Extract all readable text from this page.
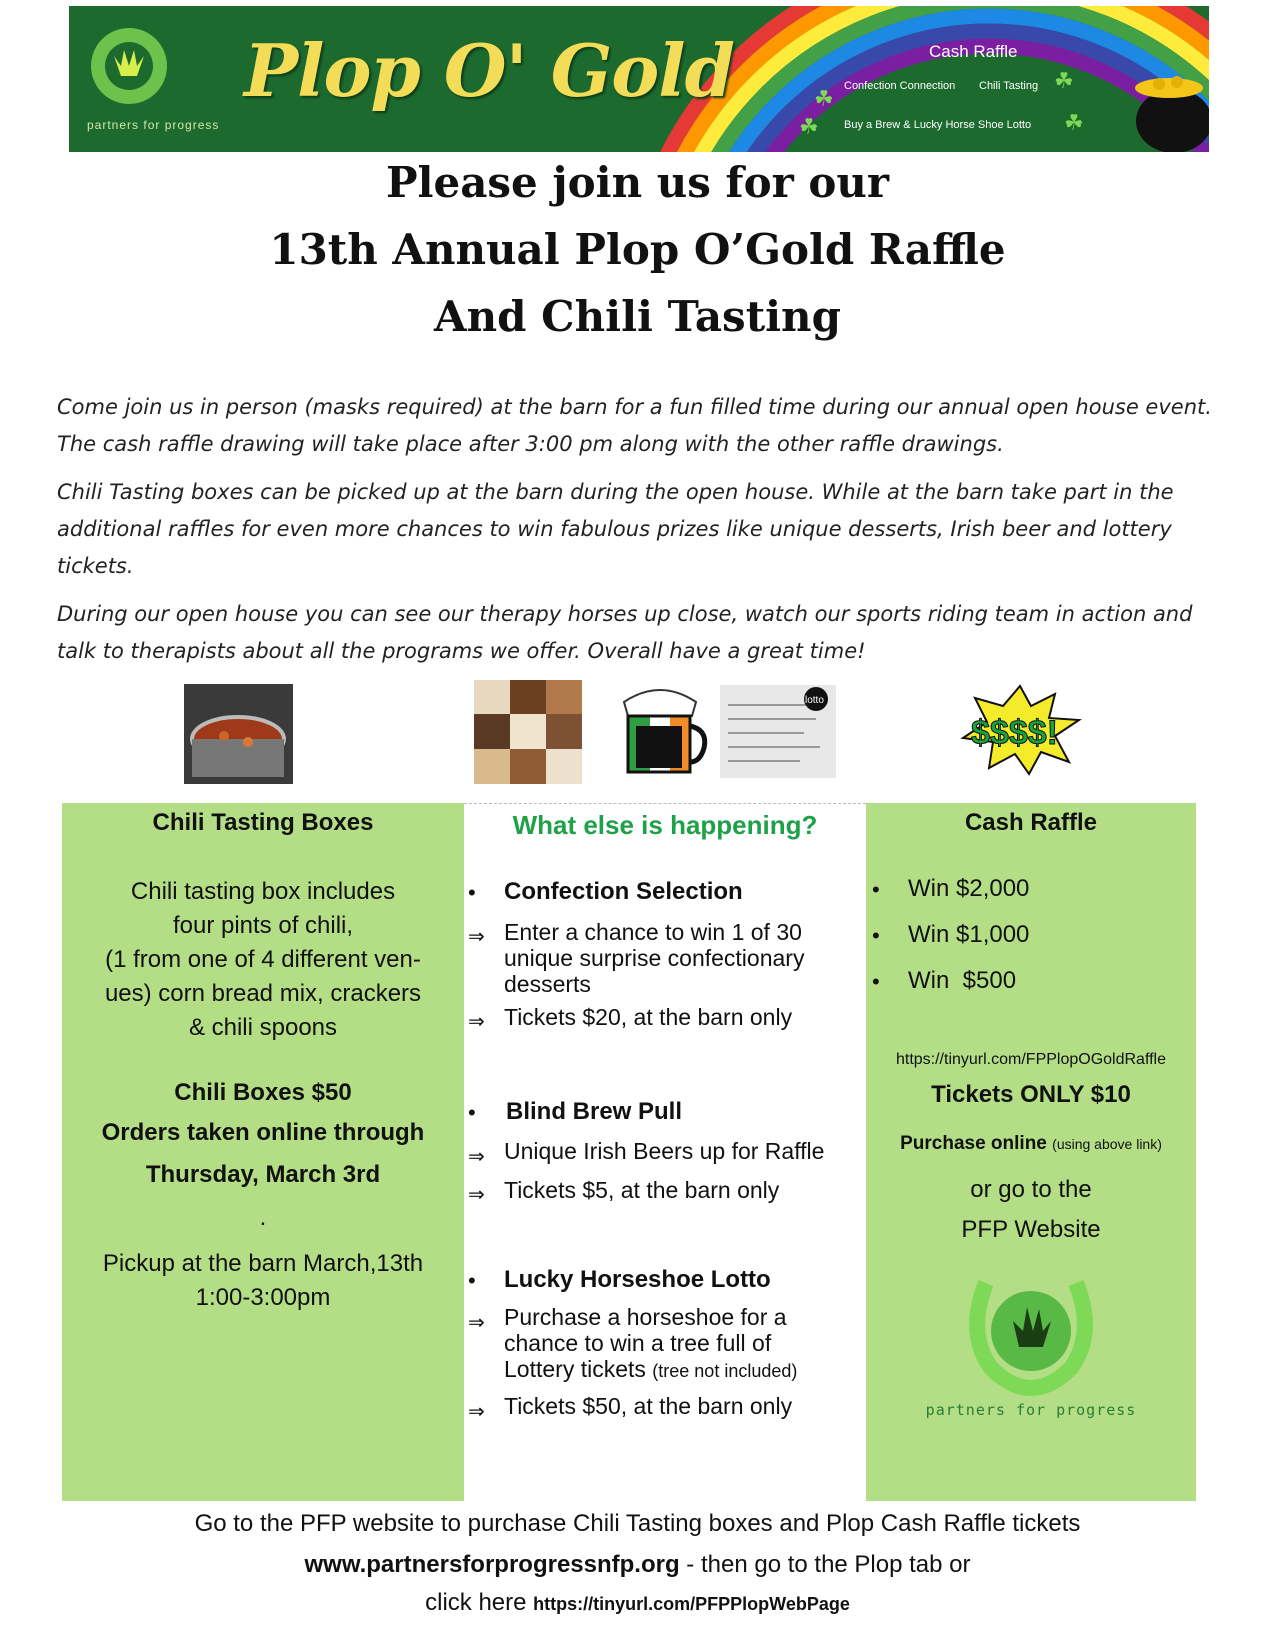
Plop O' Gold
partners for progress
Cash Raffle
Confection Connection Chili Tasting
Buy a Brew & Lucky Horse Shoe Lotto
☘
☘
☘	☘
Please join us for our
13th Annual Plop O’Gold Raffle
And Chili Tasting

Come join us in person (masks required) at the barn for a fun filled time during our annual open house event. The cash raffle drawing will take place after 3:00 pm along with the other raffle drawings.

Chili Tasting boxes can be picked up at the barn during the open house. While at the barn take part in the additional raffles for even more chances to win fabulous prizes like unique desserts, Irish beer and lottery tickets.

During our open house you can see our therapy horses up close, watch our sports riding team in action and talk to therapists about all the programs we offer. Overall have a great time!

lotto
$$$$!
Chili Tasting Boxes
Chili tasting box includes
four pints of chili,
(1 from one of 4 different ven-
ues) corn bread mix, crackers
& chili spoons
Chili Boxes $50
Orders taken online through
Thursday, March 3rd
.
Pickup at the barn March,13th
1:00-3:00pm
What else is happening?
• Confection Selection
⇒ Enter a chance to win 1 of 30 unique surprise confectionary desserts
⇒ Tickets $20, at the barn only
• Blind Brew Pull
⇒ Unique Irish Beers up for Raffle
⇒ Tickets $5, at the barn only
• Lucky Horseshoe Lotto
⇒ Purchase a horseshoe for a chance to win a tree full of Lottery tickets (tree not included)
⇒ Tickets $50, at the barn only
Cash Raffle
• Win $2,000
• Win $1,000
• Win  $500
https://tinyurl.com/FPPlopOGoldRaffle
Tickets ONLY $10
Purchase online (using above link)
or go to the
PFP Website
partners for progress
Go to the PFP website to purchase Chili Tasting boxes and Plop Cash Raffle tickets
www.partnersforprogressnfp.org - then go to the Plop tab or
click here https://tinyurl.com/PFPPlopWebPage
